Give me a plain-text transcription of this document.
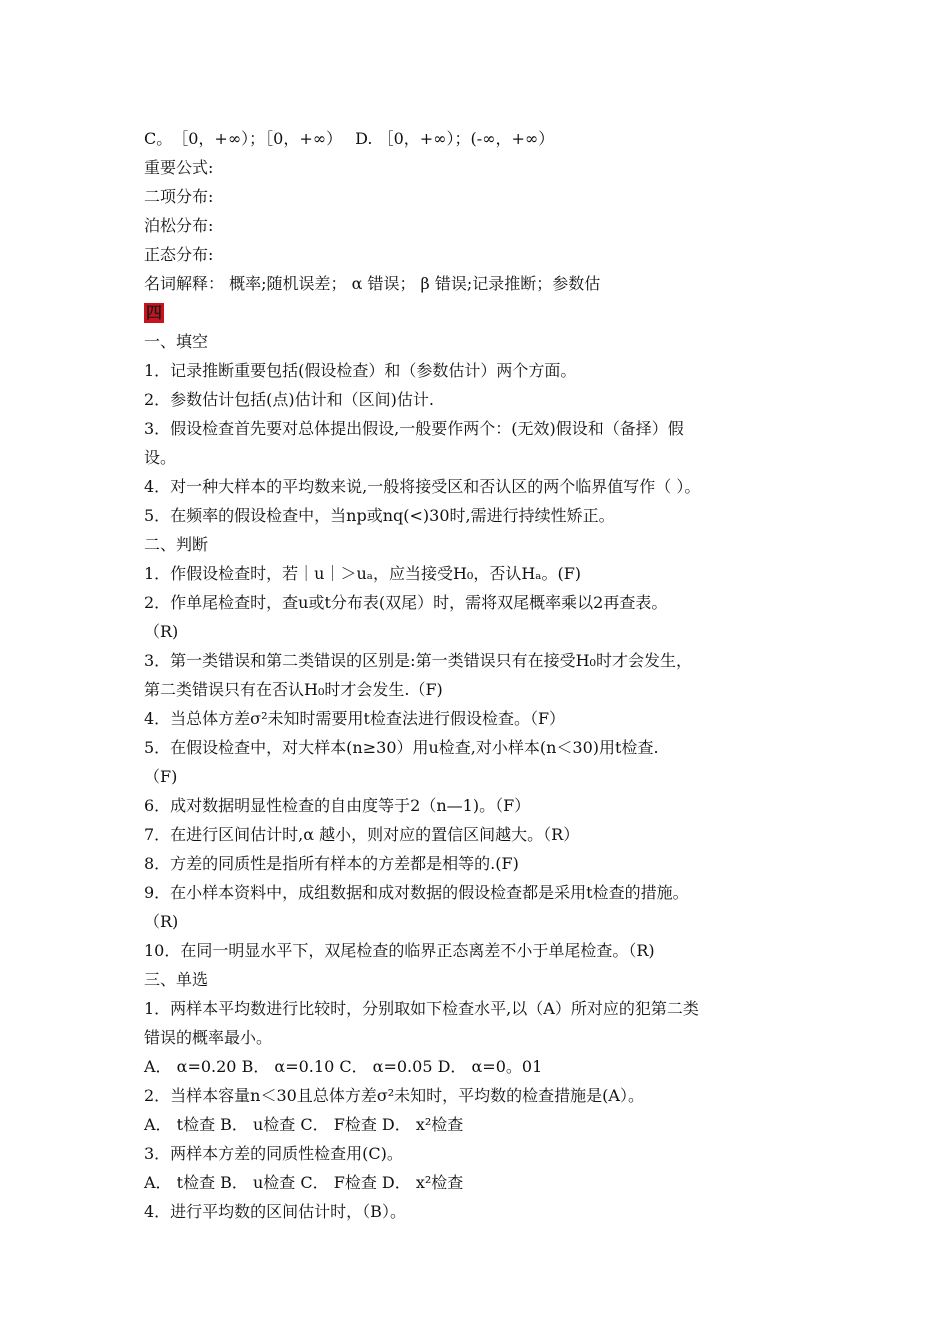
C。　［0，+∞）；［0，+∞）　 D. ［0，+∞）；(-∞，+∞）
重要公式:
二项分布:
泊松分布:
正态分布:
名词解释： 概率;随机误差； α 错误； β 错误;记录推断；参数估
四
一、填空
1．记录推断重要包括(假设检查）和（参数估计）两个方面。
2．参数估计包括(点)估计和（区间)估计.
3．假设检查首先要对总体提出假设,一般要作两个：(无效)假设和（备择）假
设。
4．对一种大样本的平均数来说,一般将接受区和否认区的两个临界值写作（ ）。
5．在频率的假设检查中，当np或nq(<)30时,需进行持续性矫正。
二、判断
1．作假设检查时，若｜u｜＞uₐ，应当接受H₀，否认Hₐ。(F)
2．作单尾检查时，查u或t分布表(双尾）时，需将双尾概率乘以2再查表。
（R)
3．第一类错误和第二类错误的区别是:第一类错误只有在接受H₀时才会发生，
第二类错误只有在否认H₀时才会发生.（F)
4．当总体方差σ²未知时需要用t检查法进行假设检查。（F）
5．在假设检查中，对大样本(n≥30）用u检查,对小样本(n＜30)用t检查.
（F)
6．成对数据明显性检查的自由度等于2（n—1)。（F）
7．在进行区间估计时,α 越小，则对应的置信区间越大。（R）
8．方差的同质性是指所有样本的方差都是相等的.(F)
9．在小样本资料中，成组数据和成对数据的假设检查都是采用t检查的措施。
（R)
10．在同一明显水平下，双尾检查的临界正态离差不小于单尾检查。（R)
三、单选
1．两样本平均数进行比较时，分别取如下检查水平,以（A）所对应的犯第二类
错误的概率最小。
A． α=0.20 B． α=0.10 C． α=0.05 D． α=0。01
2．当样本容量n＜30且总体方差σ²未知时，平均数的检查措施是(A）。
A． t检查 B． u检查 C． F检查 D． x²检查
3．两样本方差的同质性检查用(C)。
A． t检查 B． u检查 C． F检查 D． x²检查
4．进行平均数的区间估计时，（B）。
